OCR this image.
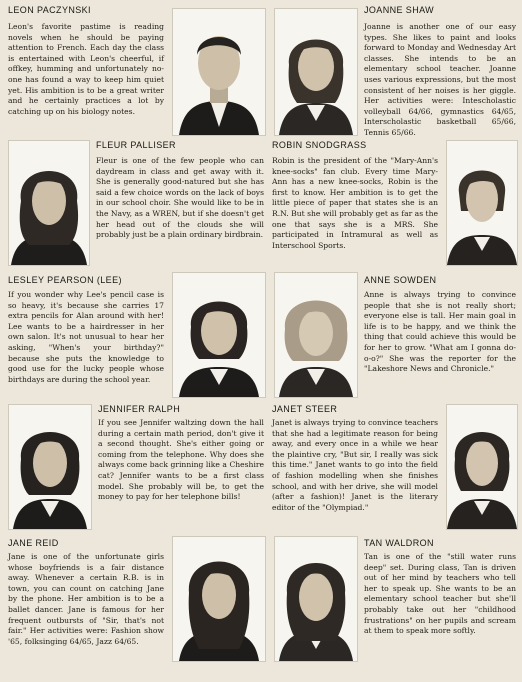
LEON PACZYNSKI

Leon's favorite pastime is reading novels when he should be paying attention to French. Each day the class is entertained with Leon's cheerful, if offkey, humming and unfortunately no-one has found a way to keep him quiet yet. His ambition is to be a great writer and he certainly practices a lot by catching up on his biology notes.

JOANNE SHAW

Joanne is another one of our easy types. She likes to paint and looks forward to Monday and Wednesday Art classes. She intends to be an elementary school teacher. Joanne uses various expressions, but the most consistent of her noises is her giggle. Her activities were: Intescholastic volleyball 64/66, gymnastics 64/65, Interscholastic basketball 65/66, Tennis 65/66.

FLEUR PALLISER

Fleur is one of the few people who can daydream in class and get away with it. She is generally good-natured but she has said a few choice words on the lack of boys in our school choir. She would like to be in the Navy, as a WREN, but if she doesn't get her head out of the clouds she will probably just be a plain ordinary birdbrain.

ROBIN SNODGRASS

Robin is the president of the "Mary-Ann's knee-socks" fan club. Every time Mary-Ann has a new knee-socks, Robin is the first to know. Her ambition is to get the little piece of paper that states she is an R.N. But she will probably get as far as the one that says she is a MRS. She participated in Intramural as well as Interschool Sports.

LESLEY PEARSON (LEE)

If you wonder why Lee's pencil case is so heavy, it's because she carries 17 extra pencils for Alan around with her! Lee wants to be a hairdresser in her own salon. It's not unusual to hear her asking, "When's your birthday?" because she puts the knowledge to good use for the lucky people whose birthdays are during the school year.

ANNE SOWDEN

Anne is always trying to convince people that she is not really short; everyone else is tall. Her main goal in life is to be happy, and we think the thing that could achieve this would be for her to grow. "What am I gonna do-o-o?" She was the reporter for the "Lakeshore News and Chronicle."

JENNIFER RALPH

If you see Jennifer waltzing down the hall during a certain math period, don't give it a second thought. She's either going or coming from the telephone. Why does she always come back grinning like a Cheshire cat? Jennifer wants to be a first class model. She probably will be, to get the money to pay for her telephone bills!

JANET STEER

Janet is always trying to convince teachers that she had a legitimate reason for being away, and every once in a while we hear the plaintive cry, "But sir, I really was sick this time." Janet wants to go into the field of fashion modelling when she finishes school, and with her drive, she will model (after a fashion)! Janet is the literary editor of the "Olympiad."

JANE REID

Jane is one of the unfortunate girls whose boyfriends is a fair distance away. Whenever a certain R.B. is in town, you can count on catching Jane by the phone. Her ambition is to be a ballet dancer. Jane is famous for her frequent outbursts of "Sir, that's not fair." Her activities were: Fashion show '65, folksinging 64/65, Jazz 64/65.

TAN WALDRON

Tan is one of the "still water runs deep" set. During class, Tan is driven out of her mind by teachers who tell her to speak up. She wants to be an elementary school teacher but she'll probably take out her "childhood frustrations" on her pupils and scream at them to speak more softly.
